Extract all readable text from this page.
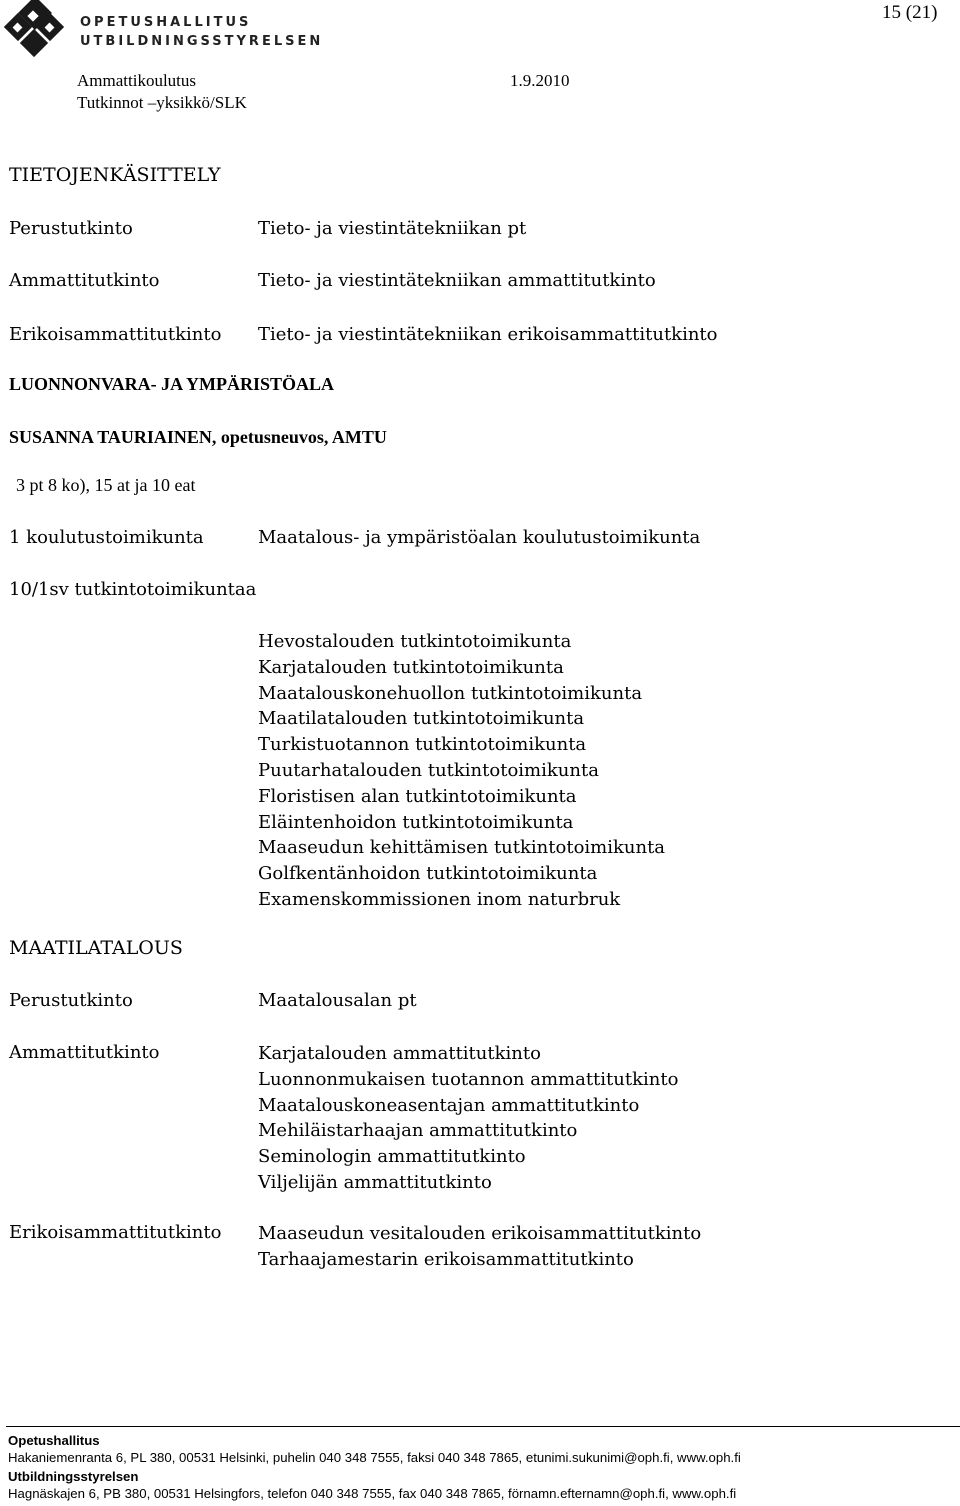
OPETUSHALLITUS
UTBILDNINGSSTYRELSEN
15 (21)
Ammattikoulutus	1.9.2010
Tutkinnot –yksikkö/SLK
TIETOJENKÄSITTELY
Perustutkinto	Tieto- ja viestintätekniikan pt
Ammattitutkinto	Tieto- ja viestintätekniikan ammattitutkinto
Erikoisammattitutkinto Tieto- ja viestintätekniikan erikoisammattitutkinto
LUONNONVARA- JA YMPÄRISTÖALA
SUSANNA TAURIAINEN, opetusneuvos, AMTU
3 pt 8 ko), 15 at ja 10 eat
1 koulutustoimikunta	Maatalous- ja ympäristöalan koulutustoimikunta
10/1sv tutkintotoimikuntaa
Hevostalouden tutkintotoimikunta
Karjatalouden tutkintotoimikunta
Maatalouskonehuollon tutkintotoimikunta
Maatilatalouden tutkintotoimikunta
Turkistuotannon tutkintotoimikunta
Puutarhatalouden tutkintotoimikunta
Floristisen alan tutkintotoimikunta
Eläintenhoidon tutkintotoimikunta
Maaseudun kehittämisen tutkintotoimikunta
Golfkentänhoidon tutkintotoimikunta
Examenskommissionen inom naturbruk
MAATILATALOUS
Perustutkinto	Maatalousalan pt
Ammattitutkinto	Karjatalouden ammattitutkinto
Luonnonmukaisen tuotannon ammattitutkinto
Maatalouskoneasentajan ammattitutkinto
Mehiläistarhaajan ammattitutkinto
Seminologin ammattitutkinto
Viljelijän ammattitutkinto
Erikoisammattitutkinto Maaseudun vesitalouden erikoisammattitutkinto
Tarhaajamestarin erikoisammattitutkinto
Opetushallitus
Hakaniemenranta 6, PL 380, 00531 Helsinki, puhelin 040 348 7555, faksi 040 348 7865, etunimi.sukunimi@oph.fi, www.oph.fi
Utbildningsstyrelsen
Hagnäskajen 6, PB 380, 00531 Helsingfors, telefon 040 348 7555, fax 040 348 7865, förnamn.efternamn@oph.fi, www.oph.fi
